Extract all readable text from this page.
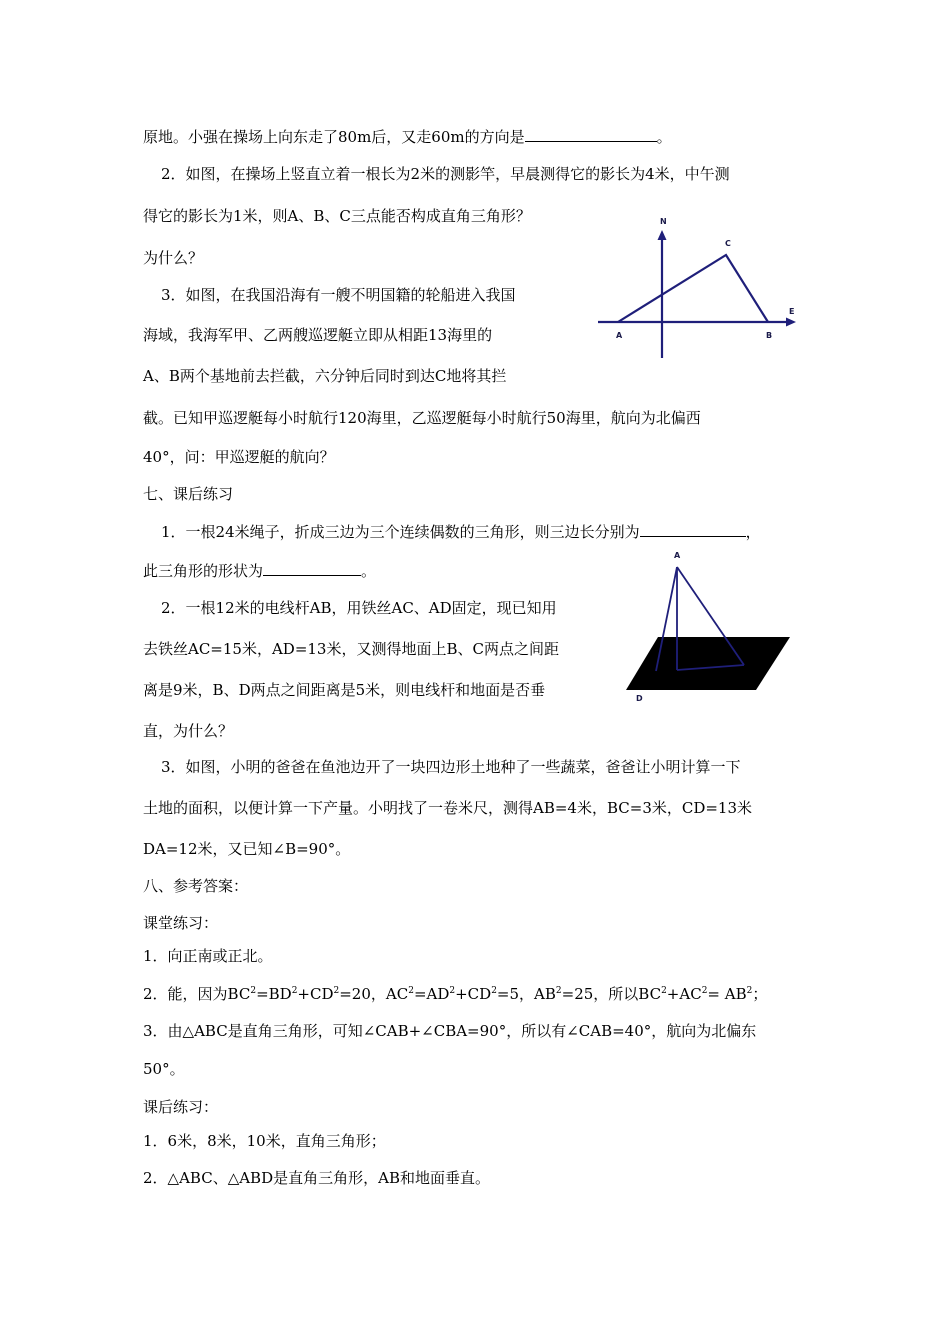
原地。小强在操场上向东走了80m后，又走60m的方向是	。
2．如图，在操场上竖直立着一根长为2米的测影竿，早晨测得它的影长为4米，中午测
得它的影长为1米，则A、B、C三点能否构成直角三角形？
为什么？
3．如图，在我国沿海有一艘不明国籍的轮船进入我国
海域，我海军甲、乙两艘巡逻艇立即从相距13海里的
A、B两个基地前去拦截，六分钟后同时到达C地将其拦
截。已知甲巡逻艇每小时航行120海里，乙巡逻艇每小时航行50海里，航向为北偏西
40°，问：甲巡逻艇的航向？
七、课后练习
1．一根24米绳子，折成三边为三个连续偶数的三角形，则三边长分别为	，
此三角形的形状为	。
2．一根12米的电线杆AB，用铁丝AC、AD固定，现已知用
去铁丝AC=15米，AD=13米，又测得地面上B、C两点之间距
离是9米，B、D两点之间距离是5米，则电线杆和地面是否垂
直，为什么？
3．如图，小明的爸爸在鱼池边开了一块四边形土地种了一些蔬菜，爸爸让小明计算一下
土地的面积，以便计算一下产量。小明找了一卷米尺，测得AB=4米，BC=3米，CD=13米
DA=12米，又已知∠B=90°。
八、参考答案：
课堂练习：
1．向正南或正北。
2．能，因为$BC^2=BD^2+CD^2=20$，$AC^2=AD^2+CD^2=5$，$AB^2=25$，所以$BC^2+AC^2= AB^2$；
3．由△ABC是直角三角形，可知∠CAB+∠CBA=90°，所以有∠CAB=40°，航向为北偏东
50°。
课后练习：
1．6米，8米，10米，直角三角形；
2．△ABC、△ABD是直角三角形，AB和地面垂直。
N
C
E
A	B
A
D
